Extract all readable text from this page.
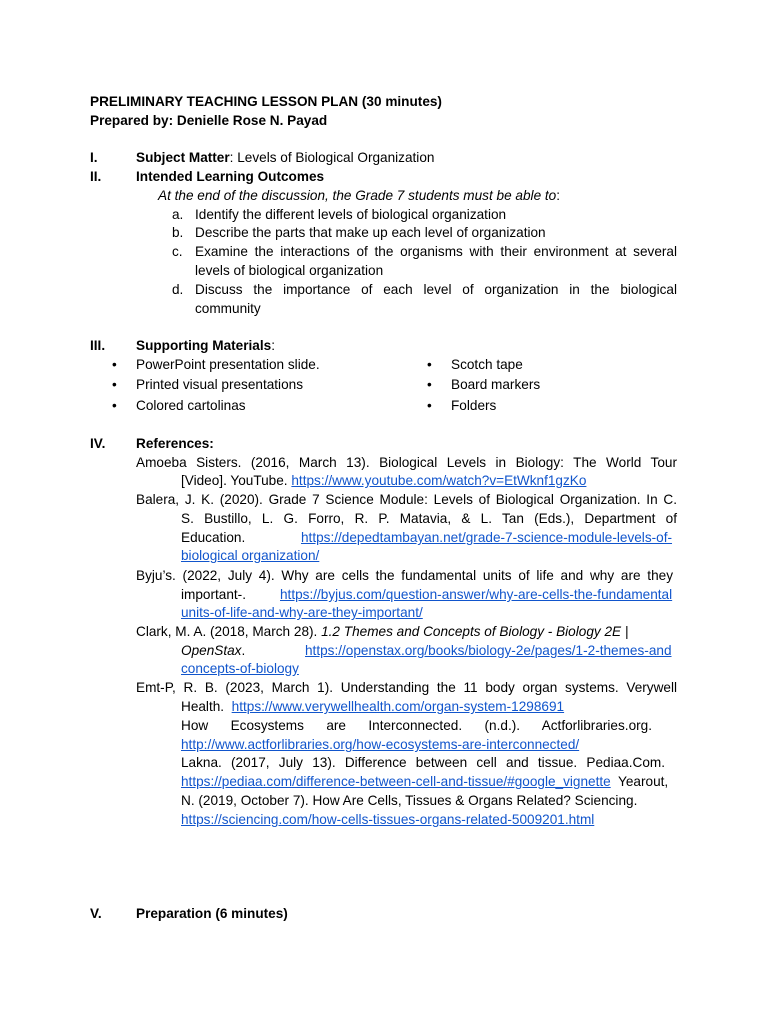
PRELIMINARY TEACHING LESSON PLAN (30 minutes)
Prepared by: Denielle Rose N. Payad
I.	Subject Matter: Levels of Biological Organization
II.	Intended Learning Outcomes
At the end of the discussion, the Grade 7 students must be able to:
a. Identify the different levels of biological organization
b. Describe the parts that make up each level of organization
c. Examine the interactions of the organisms with their environment at several
levels of biological organization
d. Discuss the importance of each level of organization in the biological
community
III. Supporting Materials:
• PowerPoint presentation slide.
• Printed visual presentations
• Colored cartolinas
• Scotch tape
• Board markers
• Folders
IV. References:
Amoeba Sisters. (2016, March 13). Biological Levels in Biology: The World Tour
[Video]. YouTube. https://www.youtube.com/watch?v=EtWknf1gzKo
Balera, J. K. (2020). Grade 7 Science Module: Levels of Biological Organization. In C.
S. Bustillo, L. G. Forro, R. P. Matavia, & L. Tan (Eds.), Department of
Education.	https://depedtambayan.net/grade-7-science-module-levels-of-
biological organization/
Byju’s. (2022, July 4). Why are cells the fundamental units of life and why are they
important-.	https://byjus.com/question-answer/why-are-cells-the-fundamental
units-of-life-and-why-are-they-important/
Clark, M. A. (2018, March 28). 1.2 Themes and Concepts of Biology - Biology 2E |
OpenStax.	https://openstax.org/books/biology-2e/pages/1-2-themes-and
concepts-of-biology
Emt-P, R. B. (2023, March 1). Understanding the 11 body organ systems. Verywell
Health. https://www.verywellhealth.com/organ-system-1298691
How Ecosystems are Interconnected. (n.d.). Actforlibraries.org.
http://www.actforlibraries.org/how-ecosystems-are-interconnected/
Lakna. (2017, July 13). Difference between cell and tissue. Pediaa.Com.
https://pediaa.com/difference-between-cell-and-tissue/#google_vignette Yearout,
N. (2019, October 7). How Are Cells, Tissues & Organs Related? Sciencing.
https://sciencing.com/how-cells-tissues-organs-related-5009201.html
V.	Preparation (6 minutes)
